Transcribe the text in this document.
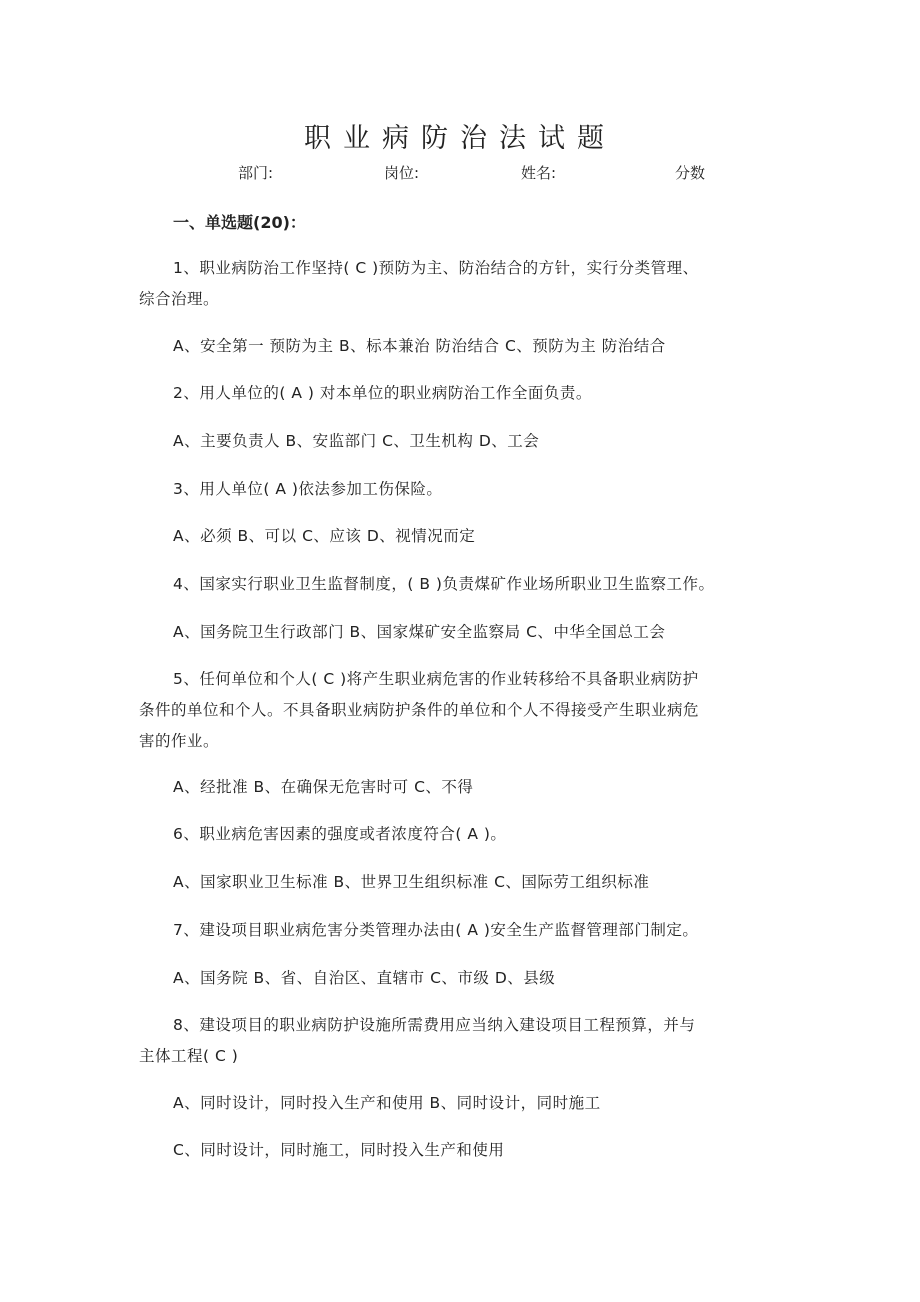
职业病防治法试题
部门:	岗位:	姓名:	分数
一、单选题(20)：
1、职业病防治工作坚持( C )预防为主、防治结合的方针，实行分类管理、
综合治理。
A、安全第一 预防为主 B、标本兼治 防治结合 C、预防为主 防治结合
2、用人单位的( A ) 对本单位的职业病防治工作全面负责。
A、主要负责人 B、安监部门 C、卫生机构 D、工会
3、用人单位( A )依法参加工伤保险。
A、必须 B、可以 C、应该 D、视情况而定
4、国家实行职业卫生监督制度，( B )负责煤矿作业场所职业卫生监察工作。
A、国务院卫生行政部门 B、国家煤矿安全监察局 C、中华全国总工会
5、任何单位和个人( C )将产生职业病危害的作业转移给不具备职业病防护
条件的单位和个人。不具备职业病防护条件的单位和个人不得接受产生职业病危
害的作业。
A、经批准 B、在确保无危害时可 C、不得
6、职业病危害因素的强度或者浓度符合( A )。
A、国家职业卫生标准 B、世界卫生组织标准 C、国际劳工组织标准
7、建设项目职业病危害分类管理办法由( A )安全生产监督管理部门制定。
A、国务院 B、省、自治区、直辖市 C、市级 D、县级
8、建设项目的职业病防护设施所需费用应当纳入建设项目工程预算，并与
主体工程( C )
A、同时设计，同时投入生产和使用 B、同时设计，同时施工
C、同时设计，同时施工，同时投入生产和使用
